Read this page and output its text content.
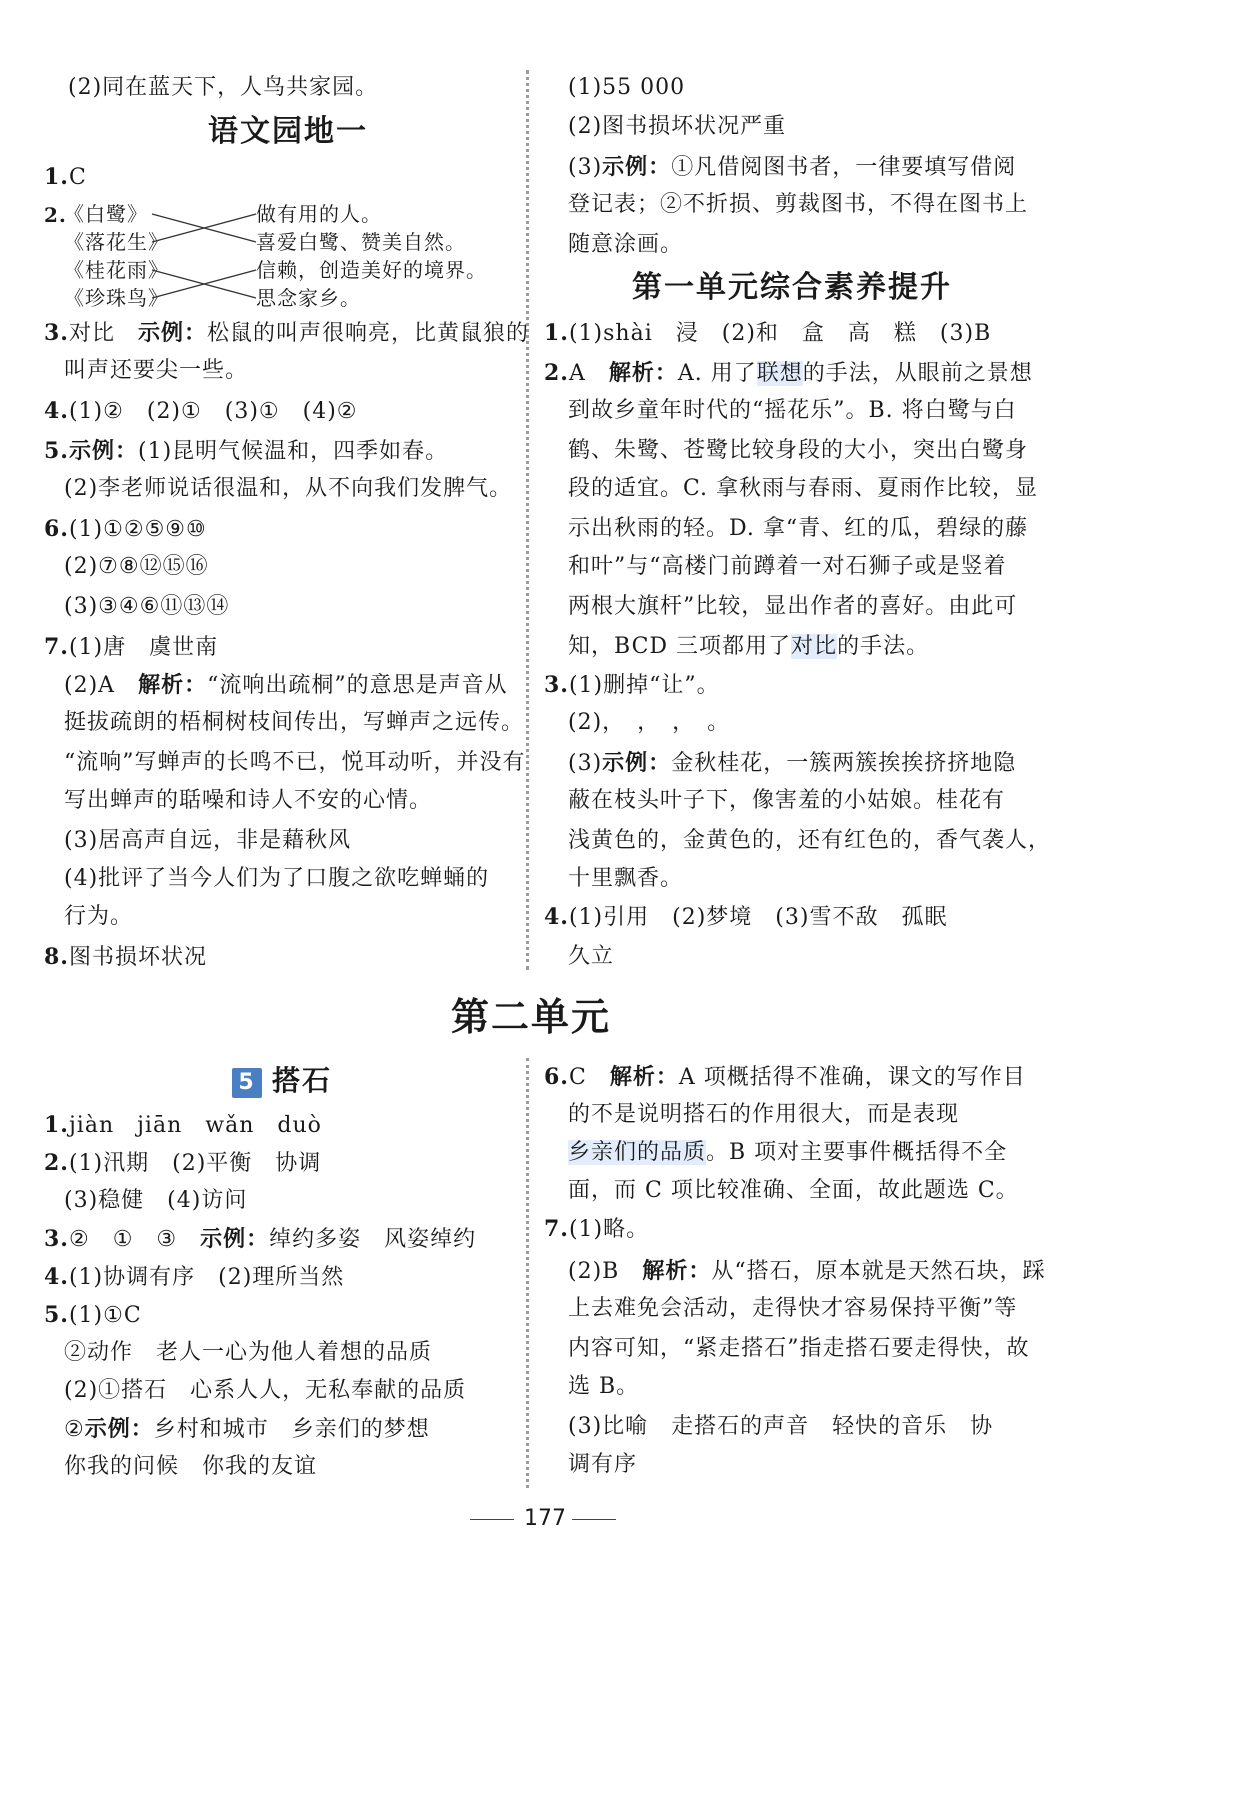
(2)同在蓝天下，人鸟共家园。
语文园地一
1.C
2.
《白鹭》
《落花生》
《桂花雨》
《珍珠鸟》
做有用的人。
喜爱白鹭、赞美自然。
信赖，创造美好的境界。
思念家乡。
3.对比　示例：松鼠的叫声很响亮，比黄鼠狼的
叫声还要尖一些。
4.(1)②　(2)①　(3)①　(4)②
5.示例：(1)昆明气候温和，四季如春。
(2)李老师说话很温和，从不向我们发脾气。
6.(1)①②⑤⑨⑩
(2)⑦⑧⑫⑮⑯
(3)③④⑥⑪⑬⑭
7.(1)唐　虞世南
(2)A　解析：“流响出疏桐”的意思是声音从
挺拔疏朗的梧桐树枝间传出，写蝉声之远传。
“流响”写蝉声的长鸣不已，悦耳动听，并没有
写出蝉声的聒噪和诗人不安的心情。
(3)居高声自远，非是藉秋风
(4)批评了当今人们为了口腹之欲吃蝉蛹的
行为。
8.图书损坏状况
(1)55 000
(2)图书损坏状况严重
(3)示例：①凡借阅图书者，一律要填写借阅
登记表；②不折损、剪裁图书，不得在图书上
随意涂画。
第一单元综合素养提升
1.(1)shài　浸　(2)和　盒　高　糕　(3)B
2.A　解析：A. 用了联想的手法，从眼前之景想
到故乡童年时代的“摇花乐”。B. 将白鹭与白
鹤、朱鹭、苍鹭比较身段的大小，突出白鹭身
段的适宜。C. 拿秋雨与春雨、夏雨作比较，显
示出秋雨的轻。D. 拿“青、红的瓜，碧绿的藤
和叶”与“高楼门前蹲着一对石狮子或是竖着
两根大旗杆”比较，显出作者的喜好。由此可
知，BCD 三项都用了对比的手法。
3.(1)删掉“让”。
(2)，　，　，　。
(3)示例：金秋桂花，一簇两簇挨挨挤挤地隐
蔽在枝头叶子下，像害羞的小姑娘。桂花有
浅黄色的，金黄色的，还有红色的，香气袭人，
十里飘香。
4.(1)引用　(2)梦境　(3)雪不敌　孤眠
久立
第二单元
5 搭石
1.jiàn　jiān　wǎn　duò
2.(1)汛期　(2)平衡　协调
(3)稳健　(4)访问
3.②　①　③　示例：绰约多姿　风姿绰约
4.(1)协调有序　(2)理所当然
5.(1)①C
②动作　老人一心为他人着想的品质
(2)①搭石　心系人人，无私奉献的品质
②示例：乡村和城市　乡亲们的梦想
你我的问候　你我的友谊
6.C　解析：A 项概括得不准确，课文的写作目
的不是说明搭石的作用很大，而是表现
乡亲们的品质。B 项对主要事件概括得不全
面，而 C 项比较准确、全面，故此题选 C。
7.(1)略。
(2)B　解析：从“搭石，原本就是天然石块，踩
上去难免会活动，走得快才容易保持平衡”等
内容可知，“紧走搭石”指走搭石要走得快，故
选 B。
(3)比喻　走搭石的声音　轻快的音乐　协
调有序
177
